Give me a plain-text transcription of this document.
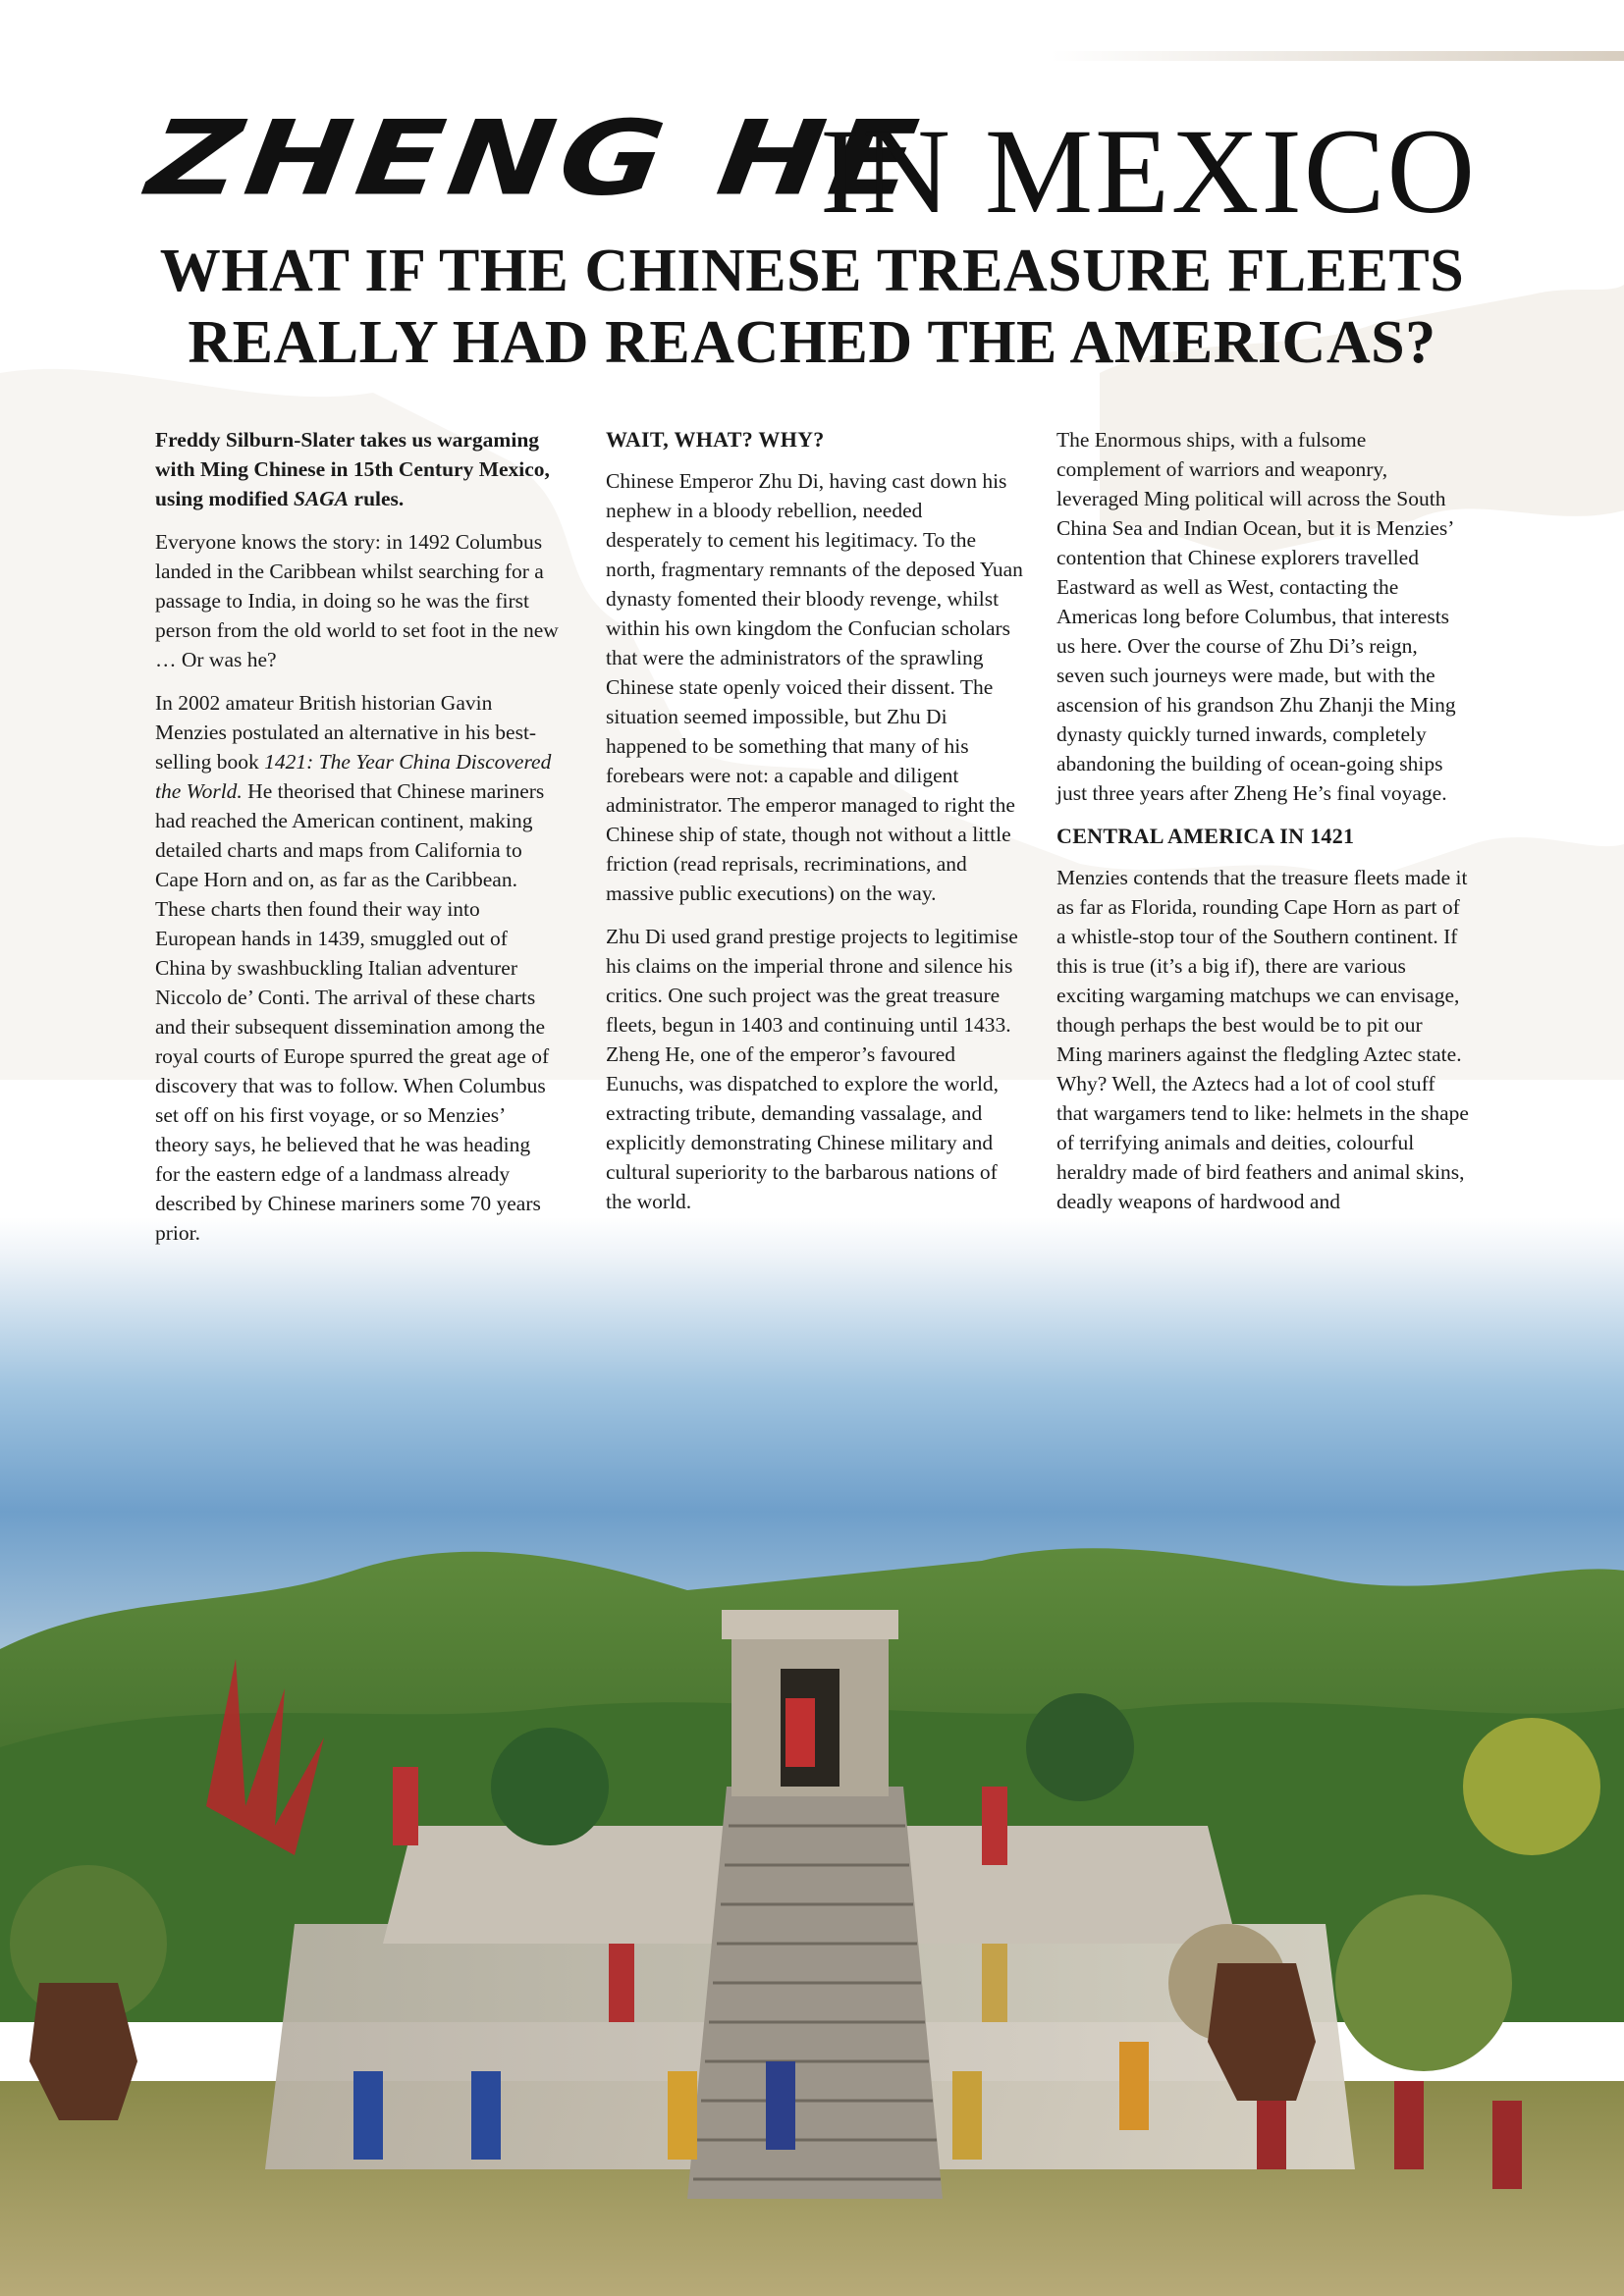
ZHENG HE
IN MEXICO
WHAT IF THE CHINESE TREASURE FLEETS
REALLY HAD REACHED THE AMERICAS?

Freddy Silburn-Slater takes us wargaming with Ming Chinese in 15th Century Mexico, using modified SAGA rules.

Everyone knows the story: in 1492 Columbus landed in the Caribbean whilst searching for a passage to India, in doing so he was the first person from the old world to set foot in the new … Or was he?

In 2002 amateur British historian Gavin Menzies postulated an alternative in his best-selling book 1421: The Year China Discovered the World. He theorised that Chinese mariners had reached the American continent, making detailed charts and maps from California to Cape Horn and on, as far as the Caribbean. These charts then found their way into European hands in 1439, smuggled out of China by swashbuckling Italian adventurer Niccolo de’ Conti. The arrival of these charts and their subsequent dissemination among the royal courts of Europe spurred the great age of discovery that was to follow. When Columbus set off on his first voyage, or so Menzies’ theory says, he believed that he was heading for the eastern edge of a landmass already described by Chinese mariners some 70 years prior.

WAIT, WHAT? WHY?

Chinese Emperor Zhu Di, having cast down his nephew in a bloody rebellion, needed desperately to cement his legitimacy. To the north, fragmentary remnants of the deposed Yuan dynasty fomented their bloody revenge, whilst within his own kingdom the Confucian scholars that were the administrators of the sprawling Chinese state openly voiced their dissent. The situation seemed impossible, but Zhu Di happened to be something that many of his forebears were not: a capable and diligent administrator. The emperor managed to right the Chinese ship of state, though not without a little friction (read reprisals, recriminations, and massive public executions) on the way.

Zhu Di used grand prestige projects to legitimise his claims on the imperial throne and silence his critics. One such project was the great treasure fleets, begun in 1403 and continuing until 1433. Zheng He, one of the emperor’s favoured Eunuchs, was dispatched to explore the world, extracting tribute, demanding vassalage, and explicitly demonstrating Chinese military and cultural superiority to the barbarous nations of the world.

The Enormous ships, with a fulsome complement of warriors and weaponry, leveraged Ming political will across the South China Sea and Indian Ocean, but it is Menzies’ contention that Chinese explorers travelled Eastward as well as West, contacting the Americas long before Columbus, that interests us here. Over the course of Zhu Di’s reign, seven such journeys were made, but with the ascension of his grandson Zhu Zhanji the Ming dynasty quickly turned inwards, completely abandoning the building of ocean-going ships just three years after Zheng He’s final voyage.

CENTRAL AMERICA IN 1421

Menzies contends that the treasure fleets made it as far as Florida, rounding Cape Horn as part of a whistle-stop tour of the Southern continent. If this is true (it’s a big if), there are various exciting wargaming matchups we can envisage, though perhaps the best would be to pit our Ming mariners against the fledgling Aztec state. Why? Well, the Aztecs had a lot of cool stuff that wargamers tend to like: helmets in the shape of terrifying animals and deities, colourful heraldry made of bird feathers and animal skins, deadly weapons of hardwood and
